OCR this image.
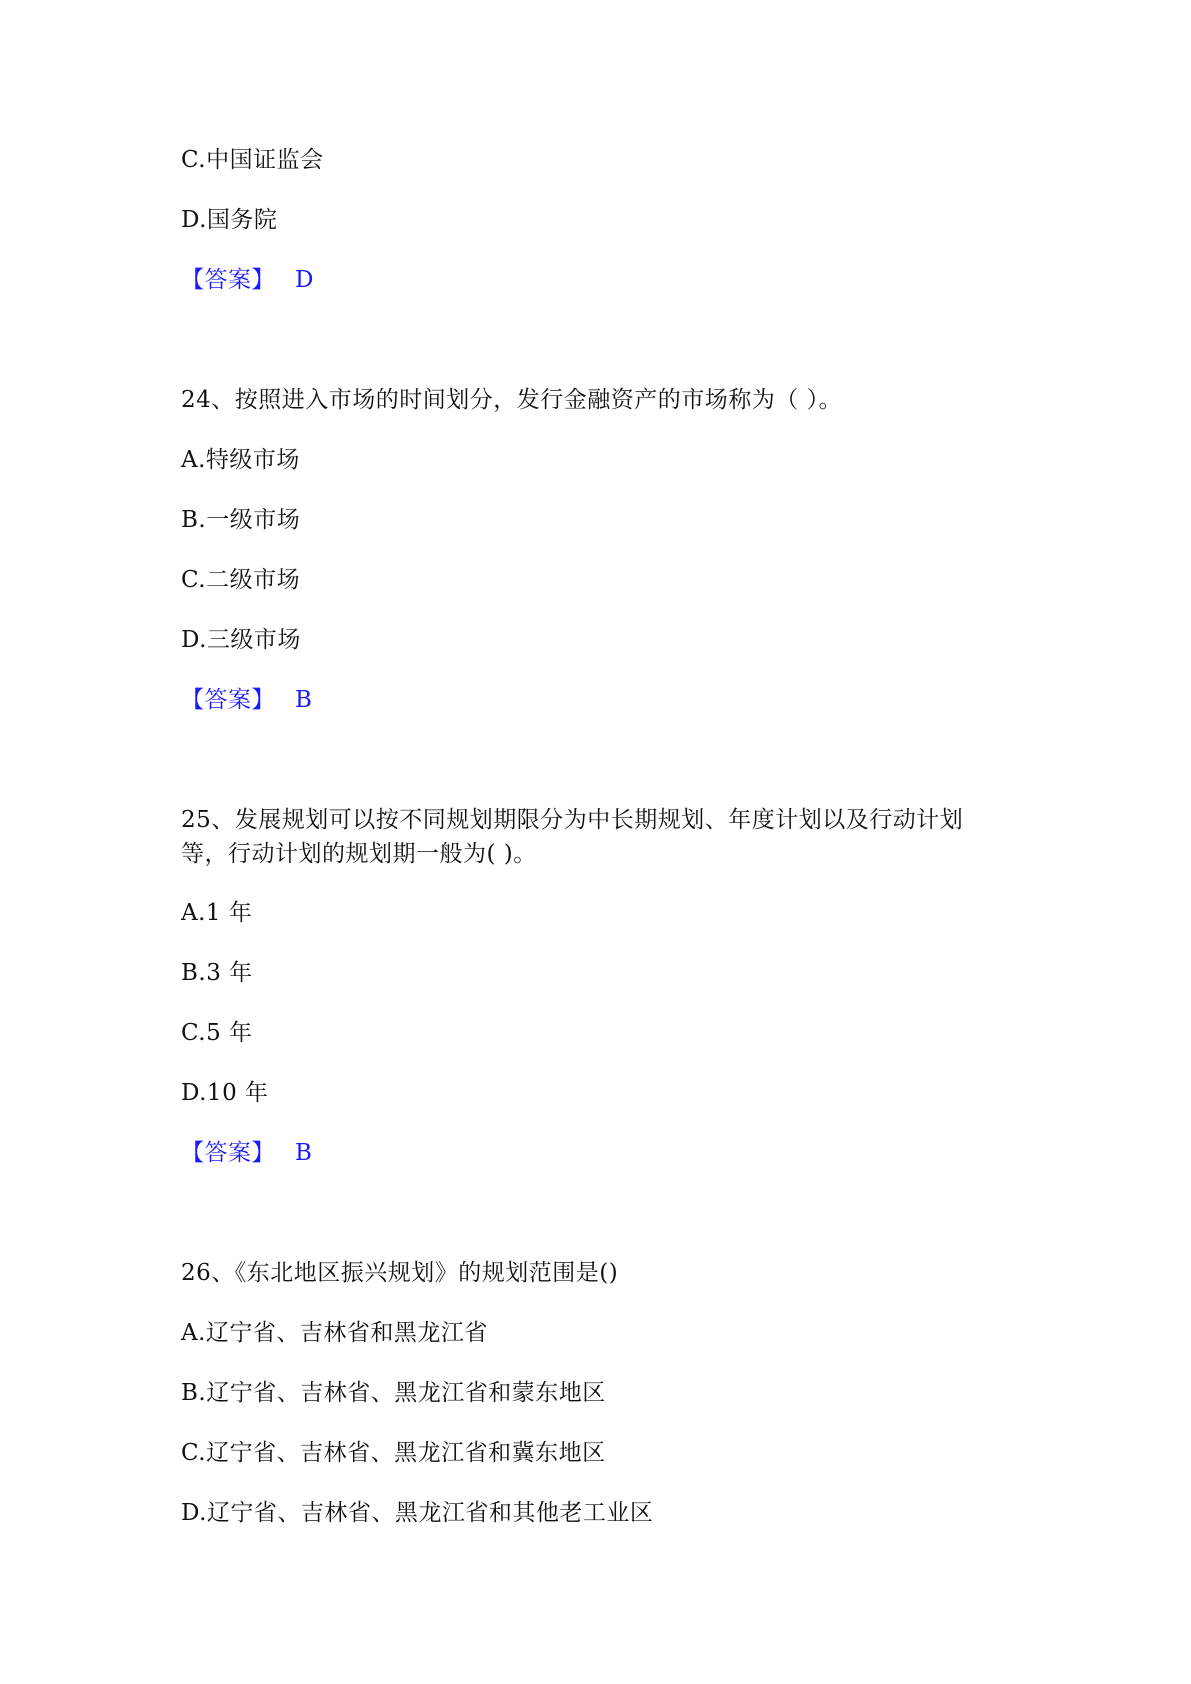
C.中国证监会
D.国务院
【答案】 D
24、按照进入市场的时间划分，发行金融资产的市场称为（ ）。
A.特级市场
B.一级市场
C.二级市场
D.三级市场
【答案】 B
25、发展规划可以按不同规划期限分为中长期规划、年度计划以及行动计划
等，行动计划的规划期一般为( )。
A.1 年
B.3 年
C.5 年
D.10 年
【答案】 B
26、《东北地区振兴规划》的规划范围是()
A.辽宁省、吉林省和黑龙江省
B.辽宁省、吉林省、黑龙江省和蒙东地区
C.辽宁省、吉林省、黑龙江省和冀东地区
D.辽宁省、吉林省、黑龙江省和其他老工业区
